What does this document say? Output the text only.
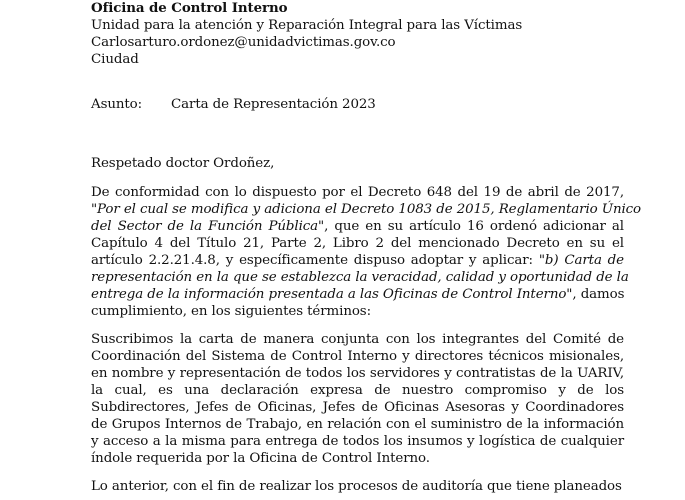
Oficina de Control Interno
Unidad para la atención y Reparación Integral para las Víctimas
Carlosarturo.ordonez@unidadvictimas.gov.co
Ciudad
Asunto: Carta de Representación 2023
Respetado doctor Ordoñez,
De conformidad con lo dispuesto por el Decreto 648 del 19 de abril de 2017,
"Por el cual se modifica y adiciona el Decreto 1083 de 2015, Reglamentario Único
del Sector de la Función Pública", que en su artículo 16 ordenó adicionar al
Capítulo 4 del Título 21, Parte 2, Libro 2 del mencionado Decreto en su el
artículo 2.2.21.4.8, y específicamente dispuso adoptar y aplicar: "b) Carta de
representación en la que se establezca la veracidad, calidad y oportunidad de la
entrega de la información presentada a las Oficinas de Control Interno", damos
cumplimiento, en los siguientes términos:
Suscribimos la carta de manera conjunta con los integrantes del Comité de
Coordinación del Sistema de Control Interno y directores técnicos misionales,
en nombre y representación de todos los servidores y contratistas de la UARIV,
la cual, es una declaración expresa de nuestro compromiso y de los
Subdirectores, Jefes de Oficinas, Jefes de Oficinas Asesoras y Coordinadores
de Grupos Internos de Trabajo, en relación con el suministro de la información
y acceso a la misma para entrega de todos los insumos y logística de cualquier
índole requerida por la Oficina de Control Interno.
Lo anterior, con el fin de realizar los procesos de auditoría que tiene planeados
